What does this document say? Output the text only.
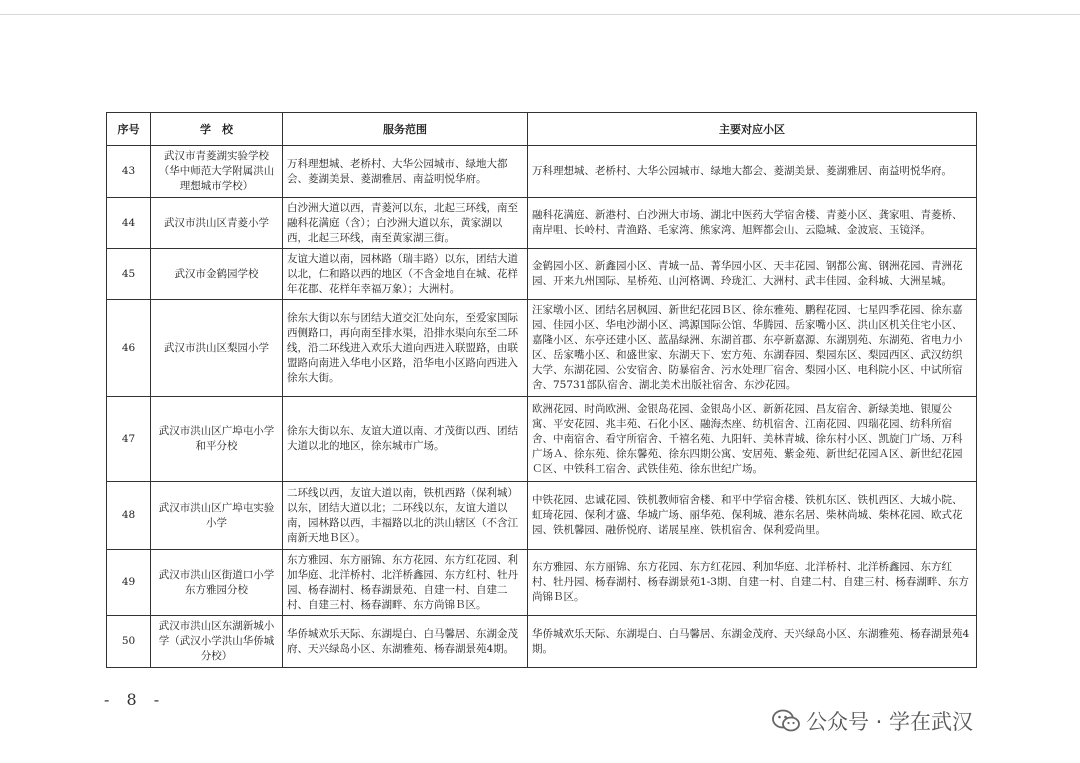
序号	学　校	服务范围	主要对应小区
43	武汉市青菱湖实验学校（华中师范大学附属洪山理想城市学校）	万科理想城、老桥村、大华公园城市、绿地大都会、菱湖美景、菱湖雅居、南益明悦华府。	万科理想城、老桥村、大华公园城市、绿地大都会、菱湖美景、菱湖雅居、南益明悦华府。
44	武汉市洪山区青菱小学	白沙洲大道以西，青菱河以东，北起三环线，南至融科花满庭（含）；白沙洲大道以东，黄家湖以西，北起三环线，南至黄家湖三街。	融科花满庭、新港村、白沙洲大市场、湖北中医药大学宿舍楼、青菱小区、龚家咀、青菱桥、南岸咀、长岭村、青渔路、毛家湾、熊家湾、旭辉都会山、云隐城、金波宸、玉镜泽。
45	武汉市金鹤园学校	友谊大道以南，园林路（瑞丰路）以东，团结大道以北，仁和路以西的地区（不含金地自在城、花样年花郡、花样年幸福万象）；大洲村。	金鹤园小区、新鑫园小区、青城一品、菁华园小区、天丰花园、钢都公寓、钢洲花园、青洲花园、开来九州国际、星桥苑、山河格调、玲珑汇、大洲村、武丰佳园、金科城、大洲星城。
46	武汉市洪山区梨园小学	徐东大街以东与团结大道交汇处向东，至爱家国际西侧路口，再向南至排水渠，沿排水渠向东至二环线，沿二环线进入欢乐大道向西进入联盟路，由联盟路向南进入华电小区路，沿华电小区路向西进入徐东大街。	汪家墩小区、团结名居枫园、新世纪花园Ｂ区、徐东雅苑、鹏程花园、七星四季花园、徐东嘉园、佳园小区、华电沙湖小区、鸿源国际公馆、华腾园、岳家嘴小区、洪山区机关住宅小区、嘉隆小区、东亭还建小区、蓝晶绿洲、东湖首郡、东亭新嘉源、东湖别苑、东湖苑、省电力小区、岳家嘴小区、和盛世家、东湖天下、宏方苑、东湖春园、梨园东区、梨园西区、武汉纺织大学、东湖花园、公安宿舍、防暴宿舍、污水处理厂宿舍、梨园小区、电科院小区、中试所宿舍、75731部队宿舍、湖北美术出版社宿舍、东沙花园。
47	武汉市洪山区广埠屯小学和平分校	徐东大街以东、友谊大道以南、才茂街以西、团结大道以北的地区，徐东城市广场。	欧洲花园、时尚欧洲、金银岛花园、金银岛小区、新新花园、昌友宿舍、新绿美地、银厦公寓、平安花园、兆丰苑、石化小区、融海杰座、纺机宿舍、江南花园、四瑞花园、纺科所宿舍、中南宿舍、看守所宿舍、千禧名苑、九阳轩、美林青城、徐东村小区、凯旋门广场、万科广场Ａ、徐东苑、徐东馨苑、徐东四期公寓、安居苑、紫金苑、新世纪花园Ａ区、新世纪花园Ｃ区、中铁科工宿舍、武铁佳苑、徐东世纪广场。
48	武汉市洪山区广埠屯实验小学	二环线以西，友谊大道以南，铁机西路（保利城）以东，团结大道以北；二环线以东，友谊大道以南，园林路以西，丰福路以北的洪山辖区（不含江南新天地Ｂ区）。	中铁花园、忠诚花园、铁机教师宿舍楼、和平中学宿舍楼、铁机东区、铁机西区、大城小院、虹琦花园、保利才盛、华城广场、丽华苑、保利城、港东名居、柴林尚城、柴林花园、欧式花园、铁机馨园、融侨悦府、诺展星座、铁机宿舍、保利爱尚里。
49	武汉市洪山区街道口小学东方雅园分校	东方雅园、东方丽锦、东方花园、东方红花园、利加华庭、北洋桥村、北洋桥鑫园、东方红村、牡丹园、杨春湖村、杨春湖景苑、自建一村、自建二村、自建三村、杨春湖畔、东方尚锦Ｂ区。	东方雅园、东方丽锦、东方花园、东方红花园、利加华庭、北洋桥村、北洋桥鑫园、东方红村、牡丹园、杨春湖村、杨春湖景苑1-3期、自建一村、自建二村、自建三村、杨春湖畔、东方尚锦Ｂ区。
50	武汉市洪山区东湖新城小学（武汉小学洪山华侨城分校）	华侨城欢乐天际、东湖堤白、白马馨居、东湖金茂府、天兴绿岛小区、东湖雅苑、杨春湖景苑4期。	华侨城欢乐天际、东湖堤白、白马馨居、东湖金茂府、天兴绿岛小区、东湖雅苑、杨春湖景苑4期。
- 8 -
公众号 · 学在武汉
